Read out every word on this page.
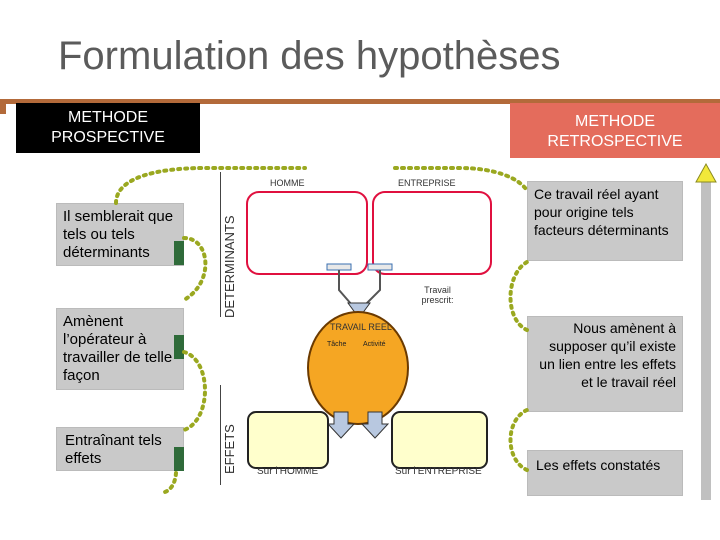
Formulation des hypothèses
METHODE PROSPECTIVE
METHODE RETROSPECTIVE
Il semblerait que tels ou tels déterminants
Amènent l’opérateur à travailler de telle façon
Entraînant tels effets
Ce travail réel ayant pour origine tels facteurs déterminants
Nous amènent à supposer qu’il existe un lien entre les effets et le travail réel
Les effets constatés
DETERMINANTS
EFFETS
HOMME	ENTREPRISE
Travail prescrit:
TRAVAIL REEL
Tâche Activité
Sur l’HOMME	Sur l’ENTREPRISE
